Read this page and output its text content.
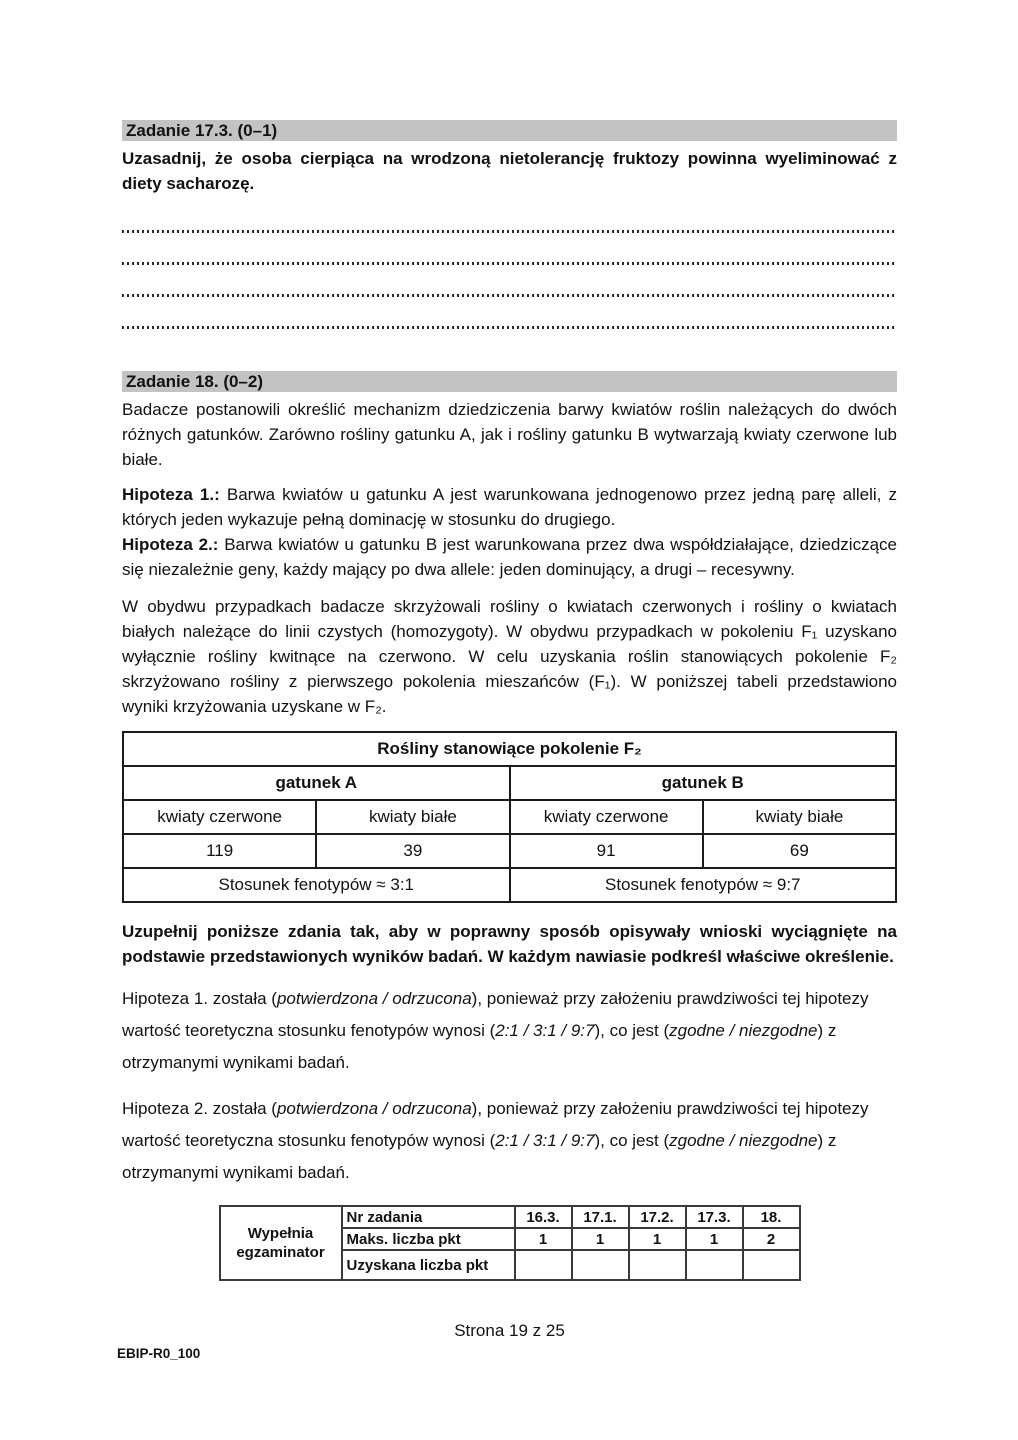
Zadanie 17.3. (0–1)

Uzasadnij, że osoba cierpiąca na wrodzoną nietolerancję fruktozy powinna wyeliminować z diety sacharozę.

Zadanie 18. (0–2)

Badacze postanowili określić mechanizm dziedziczenia barwy kwiatów roślin należących do dwóch różnych gatunków. Zarówno rośliny gatunku A, jak i rośliny gatunku B wytwarzają kwiaty czerwone lub białe.

Hipoteza 1.: Barwa kwiatów u gatunku A jest warunkowana jednogenowo przez jedną parę alleli, z których jeden wykazuje pełną dominację w stosunku do drugiego.

Hipoteza 2.: Barwa kwiatów u gatunku B jest warunkowana przez dwa współdziałające, dziedziczące się niezależnie geny, każdy mający po dwa allele: jeden dominujący, a drugi – recesywny.

W obydwu przypadkach badacze skrzyżowali rośliny o kwiatach czerwonych i rośliny o kwiatach białych należące do linii czystych (homozygoty). W obydwu przypadkach w pokoleniu F₁ uzyskano wyłącznie rośliny kwitnące na czerwono. W celu uzyskania roślin stanowiących pokolenie F₂ skrzyżowano rośliny z pierwszego pokolenia mieszańców (F₁). W poniższej tabeli przedstawiono wyniki krzyżowania uzyskane w F₂.

Rośliny stanowiące pokolenie F₂			
gatunek A		gatunek B	
kwiaty czerwone	kwiaty białe	kwiaty czerwone	kwiaty białe
119	39	91	69
Stosunek fenotypów ≈ 3:1		Stosunek fenotypów ≈ 9:7	

Uzupełnij poniższe zdania tak, aby w poprawny sposób opisywały wnioski wyciągnięte na podstawie przedstawionych wyników badań. W każdym nawiasie podkreśl właściwe określenie.

Hipoteza 1. została (potwierdzona / odrzucona), ponieważ przy założeniu prawdziwości tej hipotezy wartość teoretyczna stosunku fenotypów wynosi (2:1 / 3:1 / 9:7), co jest (zgodne / niezgodne) z otrzymanymi wynikami badań.

Hipoteza 2. została (potwierdzona / odrzucona), ponieważ przy założeniu prawdziwości tej hipotezy wartość teoretyczna stosunku fenotypów wynosi (2:1 / 3:1 / 9:7), co jest (zgodne / niezgodne) z otrzymanymi wynikami badań.

Wypełnia egzaminator	Nr zadania	16.3.	17.1.	17.2.	17.3.	18.
	Maks. liczba pkt	1	1	1	1	2
	Uzyskana liczba pkt					
Strona 19 z 25
EBIP-R0_100
